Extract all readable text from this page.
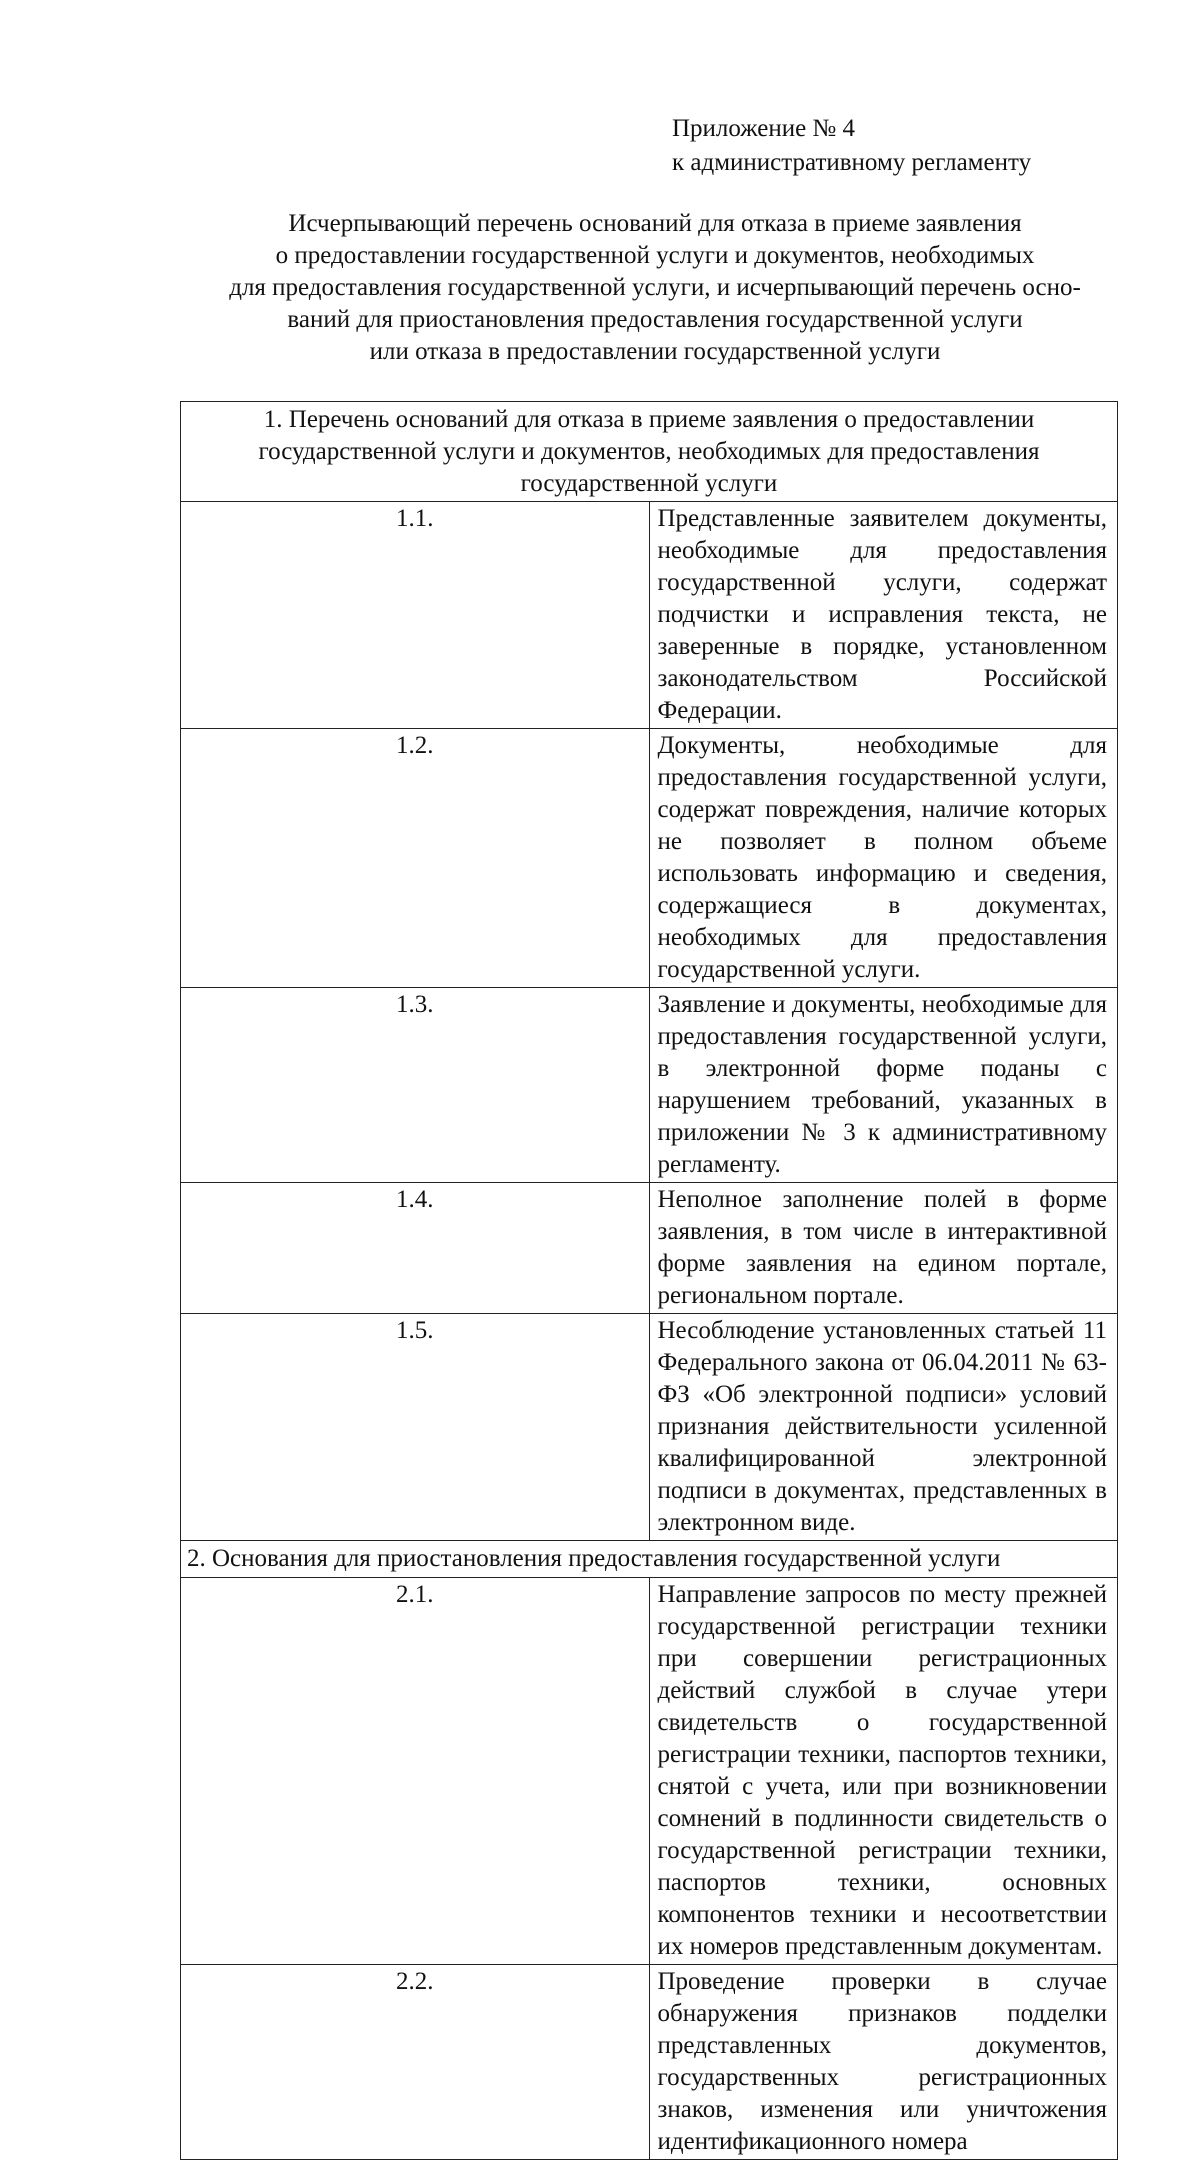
Приложение № 4
к административному регламенту
Исчерпывающий перечень оснований для отказа в приеме заявления
о предоставлении государственной услуги и документов, необходимых
для предоставления государственной услуги, и исчерпывающий перечень осно-
ваний для приостановления предоставления государственной услуги
или отказа в предоставлении государственной услуги
1. Перечень оснований для отказа в приеме заявления о предоставлении государственной услуги и документов, необходимых для предоставления государственной услуги	
1.1.	Представленные заявителем документы, необходимые для предоставления государственной услуги, содержат подчистки и исправления текста, не заверенные в порядке, установленном законодательством Российской Федерации.
1.2.	Документы, необходимые для предоставления государственной услуги, содержат повреждения, наличие которых не позволяет в полном объеме использовать информацию и сведения, содержащиеся в документах, необходимых для предоставления государственной услуги.
1.3.	Заявление и документы, необходимые для предоставления государственной услуги, в электронной форме поданы с нарушением требований, указанных в приложении № 3 к административному регламенту.
1.4.	Неполное заполнение полей в форме заявления, в том числе в интерактивной форме заявления на едином портале, региональном портале.
1.5.	Несоблюдение установленных статьей 11 Федерального закона от 06.04.2011 № 63-ФЗ «Об электронной подписи» условий признания действительности усиленной квалифицированной электронной подписи в документах, представленных в электронном виде.
2. Основания для приостановления предоставления государственной услуги	
2.1.	Направление запросов по месту прежней государственной регистрации техники при совершении регистрационных действий службой в случае утери свидетельств о государственной регистрации техники, паспортов техники, снятой с учета, или при возникновении сомнений в подлинности свидетельств о государственной регистрации техники, паспортов техники, основных компонентов техники и несоответствии их номеров представленным документам.
2.2.	Проведение проверки в случае обнаружения признаков подделки представленных документов, государственных регистрационных знаков, изменения или уничтожения идентификационного номера
